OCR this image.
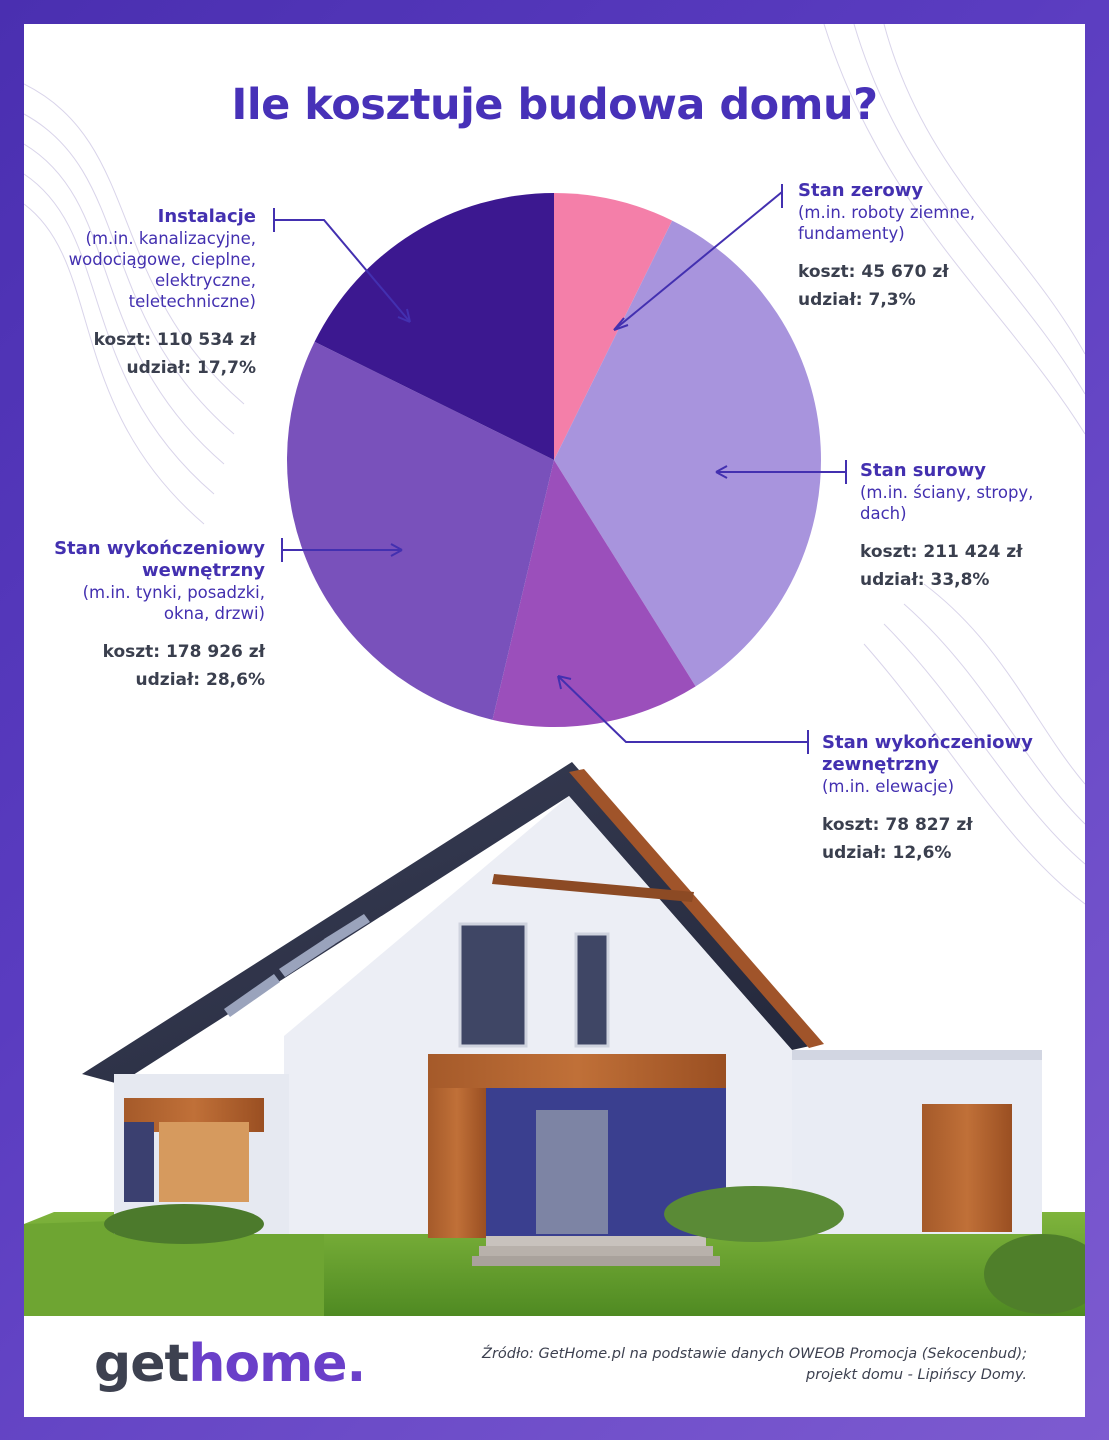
Ile kosztuje budowa domu?
Stan zerowy
(m.in. roboty ziemne,
fundamenty)
koszt: 45 670 zł
udział: 7,3%
Stan surowy
(m.in. ściany, stropy,
dach)
koszt: 211 424 zł
udział: 33,8%
Stan wykończeniowy
zewnętrzny
(m.in. elewacje)
koszt: 78 827 zł
udział: 12,6%
Stan wykończeniowy
wewnętrzny
(m.in. tynki, posadzki,
okna, drzwi)
koszt: 178 926 zł
udział: 28,6%
Instalacje
(m.in. kanalizacyjne,
wodociągowe, cieplne,
elektryczne,
teletechniczne)
koszt: 110 534 zł
udział: 17,7%
gethome.	Źródło: GetHome.pl na podstawie danych OWEOB Promocja (Sekocenbud);
projekt domu - Lipińscy Domy.
